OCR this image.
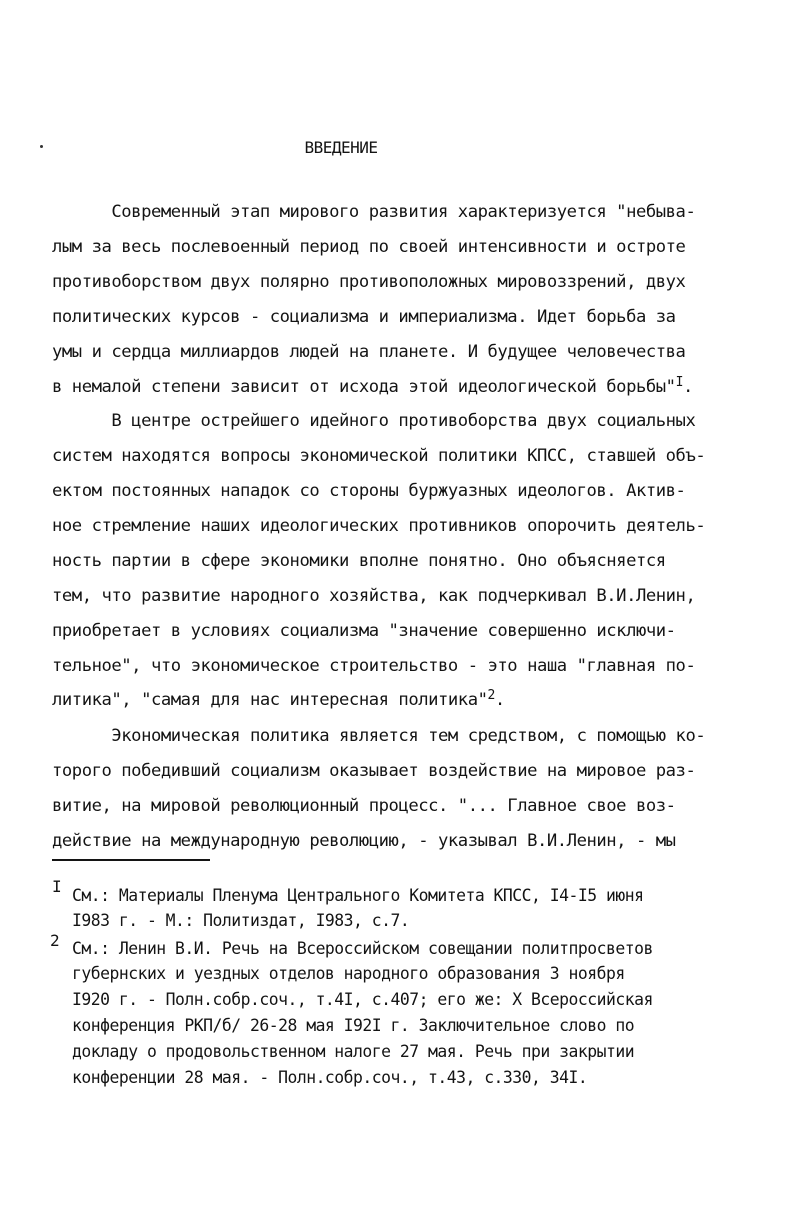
ВВЕДЕНИЕ
Современный этап мирового развития характеризуется "небыва-
лым за весь послевоенный период по своей интенсивности и остроте
противоборством двух полярно противоположных мировоззрений, двух
политических курсов - социализма и империализма. Идет борьба за
умы и сердца миллиардов людей на планете. И будущее человечества
в немалой степени зависит от исхода этой идеологической борьбы"$^I$.
В центре острейшего идейного противоборства двух социальных
систем находятся вопросы экономической политики КПСС, ставшей объ-
ектом постоянных нападок со стороны буржуазных идеологов. Актив-
ное стремление наших идеологических противников опорочить деятель-
ность партии в сфере экономики вполне понятно. Оно объясняется
тем, что развитие народного хозяйства, как подчеркивал В.И.Ленин,
приобретает в условиях социализма "значение совершенно исключи-
тельное", что экономическое строительство - это наша "главная по-
литика", "самая для нас интересная политика"$^2$.
Экономическая политика является тем средством, с помощью ко-
торого победивший социализм оказывает воздействие на мировое раз-
витие, на мировой революционный процесс. "... Главное свое воз-
действие на международную революцию, - указывал В.И.Ленин, - мы
I См.: Материалы Пленума Центрального Комитета КПСС, I4-I5 июня
I983 г. - М.: Политиздат, I983, с.7.
2 См.: Ленин В.И. Речь на Всероссийском совещании политпросветов
губернских и уездных отделов народного образования 3 ноября
I920 г. - Полн.собр.соч., т.4I, с.407; его же: X Всероссийская
конференция РКП/б/ 26-28 мая I92I г. Заключительное слово по
докладу о продовольственном налоге 27 мая. Речь при закрытии
конференции 28 мая. - Полн.собр.соч., т.43, с.330, 34I.
